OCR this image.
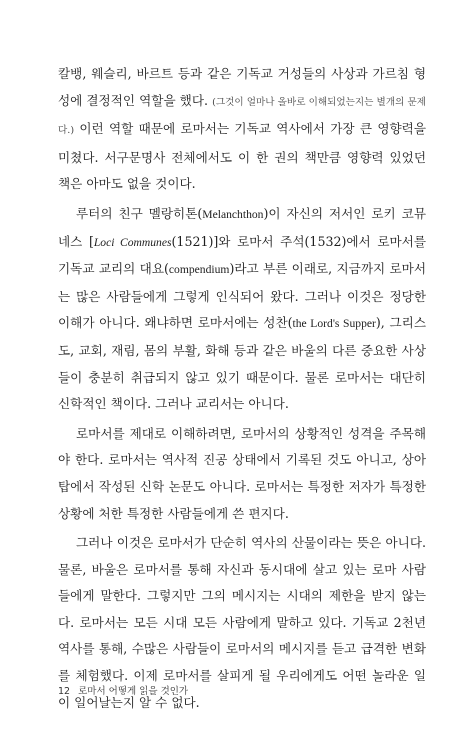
칼뱅, 웨슬리, 바르트 등과 같은 기독교 거성들의 사상과 가르침 형성에 결정적인 역할을 했다. (그것이 얼마나 올바로 이해되었는지는 별개의 문제다.) 이런 역할 때문에 로마서는 기독교 역사에서 가장 큰 영향력을 미쳤다. 서구문명사 전체에서도 이 한 권의 책만큼 영향력 있었던 책은 아마도 없을 것이다.

루터의 친구 멜랑히톤(Melanchthon)이 자신의 저서인 로키 코뮤네스 [Loci Communes(1521)]와 로마서 주석(1532)에서 로마서를 기독교 교리의 대요(compendium)라고 부른 이래로, 지금까지 로마서는 많은 사람들에게 그렇게 인식되어 왔다. 그러나 이것은 정당한 이해가 아니다. 왜냐하면 로마서에는 성찬(the Lord's Supper), 그리스도, 교회, 재림, 몸의 부활, 화해 등과 같은 바울의 다른 중요한 사상들이 충분히 취급되지 않고 있기 때문이다. 물론 로마서는 대단히 신학적인 책이다. 그러나 교리서는 아니다.

로마서를 제대로 이해하려면, 로마서의 상황적인 성격을 주목해야 한다. 로마서는 역사적 진공 상태에서 기록된 것도 아니고, 상아탑에서 작성된 신학 논문도 아니다. 로마서는 특정한 저자가 특정한 상황에 처한 특정한 사람들에게 쓴 편지다.

그러나 이것은 로마서가 단순히 역사의 산물이라는 뜻은 아니다. 물론, 바울은 로마서를 통해 자신과 동시대에 살고 있는 로마 사람들에게 말한다. 그렇지만 그의 메시지는 시대의 제한을 받지 않는다. 로마서는 모든 시대 모든 사람에게 말하고 있다. 기독교 2천년 역사를 통해, 수많은 사람들이 로마서의 메시지를 듣고 급격한 변화를 체험했다. 이제 로마서를 살피게 될 우리에게도 어떤 놀라운 일이 일어날는지 알 수 없다.

12 로마서 어떻게 읽을 것인가
